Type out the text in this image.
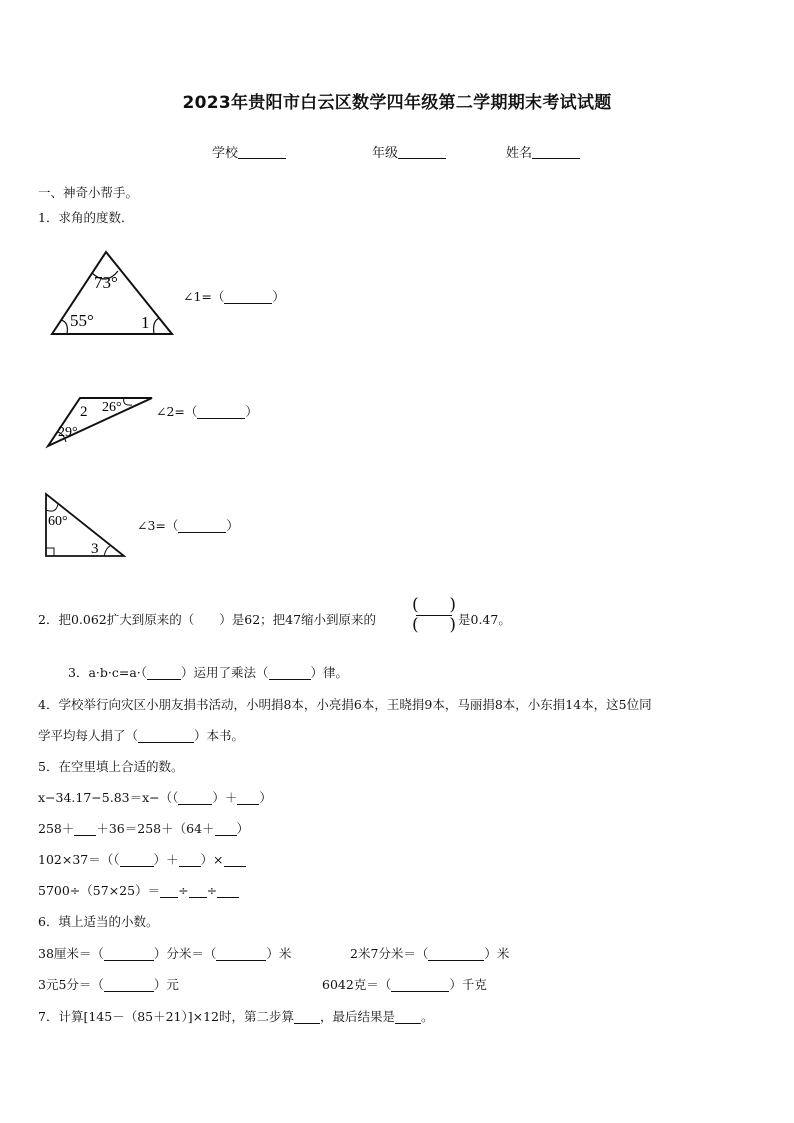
2023年贵阳市白云区数学四年级第二学期期末考试试题
学校	年级	姓名
一、神奇小帮手。
1．求角的度数．
73°
55°	1
∠1=（	）
2 26°
29°
∠2=（	）
60°
3
∠3=（	）
2．把0.062扩大到原来的（　　）是62；把47缩小到原来的
( )
( ) 是0.47。
3．a·b·c=a·（	）运用了乘法（	）律。
4．学校举行向灾区小朋友捐书活动，小明捐8本，小亮捐6本，王晓捐9本，马丽捐8本，小东捐14本，这5位同
学平均每人捐了（	）本书。
5．在空里填上合适的数。
x−34.17−5.83＝x−（（	）＋ ）
258＋ ＋36＝258＋（64＋ ）
102×37＝（（	）＋ ）×
5700÷（57×25）＝ ÷ ÷
6．填上适当的小数。
38厘米＝（	）分米＝（	）米	2米7分米＝（	）米
3元5分＝（	）元	6042克＝（	）千克
7．计算[145－（85＋21）]×12时，第二步算 ，最后结果是 。
